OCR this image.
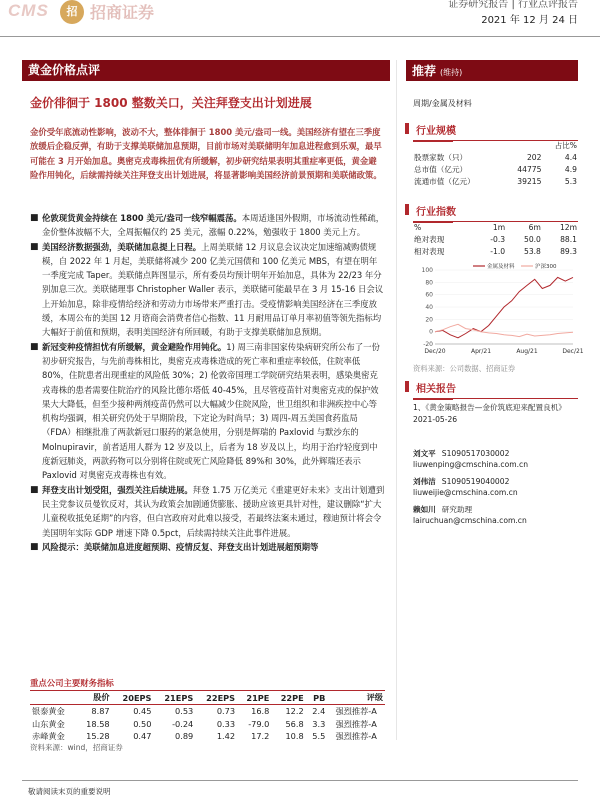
CMS	招 招商证券	证券研究报告 | 行业点评报告
2021 年 12 月 24 日
黄金价格点评	推荐 (维持)
金价徘徊于 1800 整数关口，关注拜登支出计划进展	周期/金属及材料
金价受年底流动性影响，波动不大，整体徘徊于 1800 美元/盎司一线。美国经济有望在三季度放缓后企稳反弹，有助于支撑美联储加息预期，目前市场对美联储明年加息进程愈到乐观，最早可能在 3 月开始加息。奥密克戎毒株扭优有所缓解，初步研究结果表明其重症率更低，黄金避险作用钝化，后续需持续关注拜登支出计划进展，将显著影响美国经济前景预期和美联储政策。
■ 伦敦现货黄金持续在 1800 美元/盎司一线窄幅震荡。本周适逢国外假期，市场流动性稀疏，金价整体波幅不大，全周振幅仅约 25 美元，涨幅 0.22%，勉强收于 1800 美元上方。
■ 美国经济数据强劲，美联储加息提上日程。上周美联储 12 月议息会议决定加速缩减购债规模，自 2022 年 1 月起，美联储将减少 200 亿美元国债和 100 亿美元 MBS，有望在明年一季度完成 Taper。美联储点阵图显示，所有委员均预计明年开始加息，具体为 22/23 年分别加息三次。美联储理事 Christopher Waller 表示，美联储可能最早在 3 月 15-16 日会议上开始加息，除非疫情给经济和劳动力市场带来严重打击。受疫情影响美国经济在三季度放缓，本周公布的美国 12 月谘商会消费者信心指数、11 月耐用品订单月率初值等领先指标均大幅好于前值和预期，表明美国经济有所回暖，有助于支撑美联储加息预期。
■ 新冠变种疫情担忧有所缓解，黄金避险作用钝化。1) 周三南非国家传染病研究所公布了一份初步研究报告，与先前毒株相比，奥密克戎毒株造成的死亡率和重症率较低，住院率低 80%，住院患者出现重症的风险低 30%；2) 伦敦帝国理工学院研究结果表明，感染奥密克戎毒株的患者需要住院治疗的风险比德尔塔低 40-45%，且尽管疫苗针对奥密克戎的保护效果大大降低，但至少接种两剂疫苗仍然可以大幅减少住院风险，世卫组织和非洲疾控中心等机构均强调，相关研究仍处于早期阶段，下定论为时尚早；3) 周四-周五美国食药监局（FDA）相继批准了两款新冠口服药的紧急使用，分别是辉瑞的 Paxlovid 与默沙东的 Molnupiravir，前者适用人群为 12 岁及以上，后者为 18 岁及以上，均用于治疗轻度到中度新冠肺炎，两款药物可以分别将住院或死亡风险降低 89%和 30%，此外辉瑞还表示 Paxlovid 对奥密克戎毒株也有效。
■ 拜登支出计划受阻，强烈关注后续进展。拜登 1.75 万亿美元《重建更好未来》支出计划遭到民主党参议员曼钦反对，其认为政策会加剧通货膨胀、援助应该更具针对性，建议删除“扩大儿童税收抵免延期”的内容，但白宫政府对此难以接受，若最终法案未通过，穆迪预计将会令美国明年实际 GDP 增速下降 0.5pct，后续需持续关注此事件进展。
■ 风险提示：美联储加息进度超预期、疫情反复、拜登支出计划进展超预期等
重点公司主要财务指标
	股价	20EPS	21EPS	22EPS	21PE	22PE	PB	评级
银泰黄金	8.87	0.45	0.53	0.73	16.8	12.2	2.4	强烈推荐-A
山东黄金	18.58	0.50	-0.24	0.33	-79.0	56.8	3.3	强烈推荐-A
赤峰黄金	15.28	0.47	0.89	1.42	17.2	10.8	5.5	强烈推荐-A
资料来源：wind，招商证券
行业规模
		占比%
股票家数（只）	202	4.4
总市值（亿元）	44775	4.9
流通市值（亿元）	39215	5.3
行业指数
%	1m	6m	12m
绝对表现	-0.3	50.0	88.1
相对表现	-1.0	53.8	89.3
100
80
60
40
20
0
-20
Dec/20	Apr/21	Aug/21	Dec/21
金属及材料	沪深300
资料来源：公司数据、招商证券
相关报告
1、《黄金策略报告—金价筑底迎来配置良机》2021-05-26
刘文平 S1090517030002
liuwenping@cmschina.com.cn
刘伟洁 S1090519040002
liuweijie@cmschina.com.cn
赖如川 研究助理
lairuchuan@cmschina.com.cn
敬请阅读末页的重要说明
